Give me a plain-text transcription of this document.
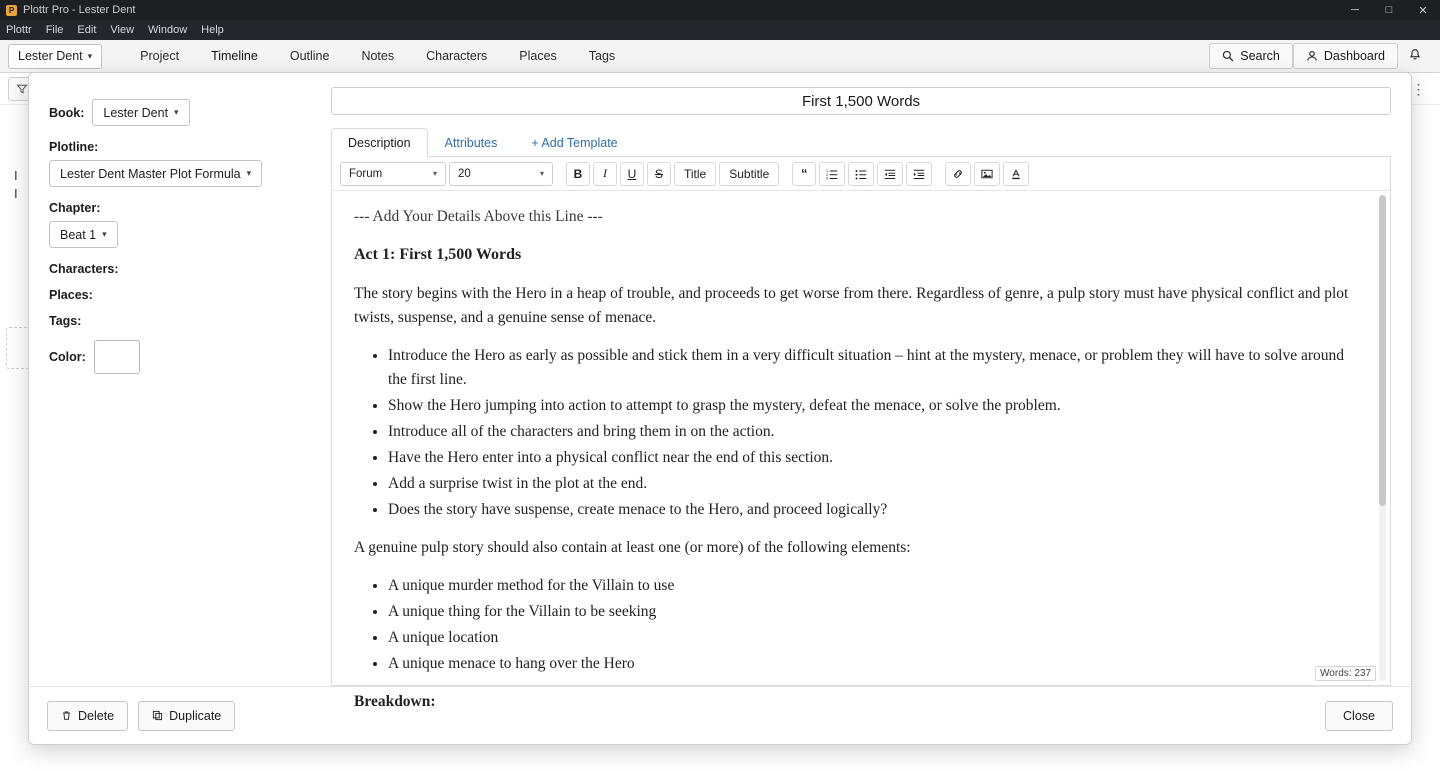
P Plottr Pro - Lester Dent	─	□	✕
Plottr File Edit View Window Help
Lester Dent ▾	Project	Timeline	Outline	Notes	Characters	Places	Tags	Search	Dashboard
⋮
I
I
Book: Lester Dent ▾
Plotline:
Lester Dent Master Plot Formula ▾
Chapter:
Beat 1 ▾
Characters:
Places:
Tags:
Color:
First 1,500 Words
Description	Attributes	+ Add Template
Forum	▾ 20	▾	B	I	U	S	Title	Subtitle	“	1
2
3

--- Add Your Details Above this Line ---

Act 1: First 1,500 Words

The story begins with the Hero in a heap of trouble, and proceeds to get worse from there. Regardless of genre, a pulp story must have physical conflict and plot twists, suspense, and a genuine sense of menace.

• Introduce the Hero as early as possible and stick them in a very difficult situation – hint at the mystery, menace, or problem they will have to solve around the first line.
• Show the Hero jumping into action to attempt to grasp the mystery, defeat the menace, or solve the problem.
• Introduce all of the characters and bring them in on the action.
• Have the Hero enter into a physical conflict near the end of this section.
• Add a surprise twist in the plot at the end.
• Does the story have suspense, create menace to the Hero, and proceed logically?

A genuine pulp story should also contain at least one (or more) of the following elements:

• A unique murder method for the Villain to use
• A unique thing for the Villain to be seeking
• A unique location
• A unique menace to hang over the Hero
Breakdown:
Words: 237
Delete	Duplicate	Close
